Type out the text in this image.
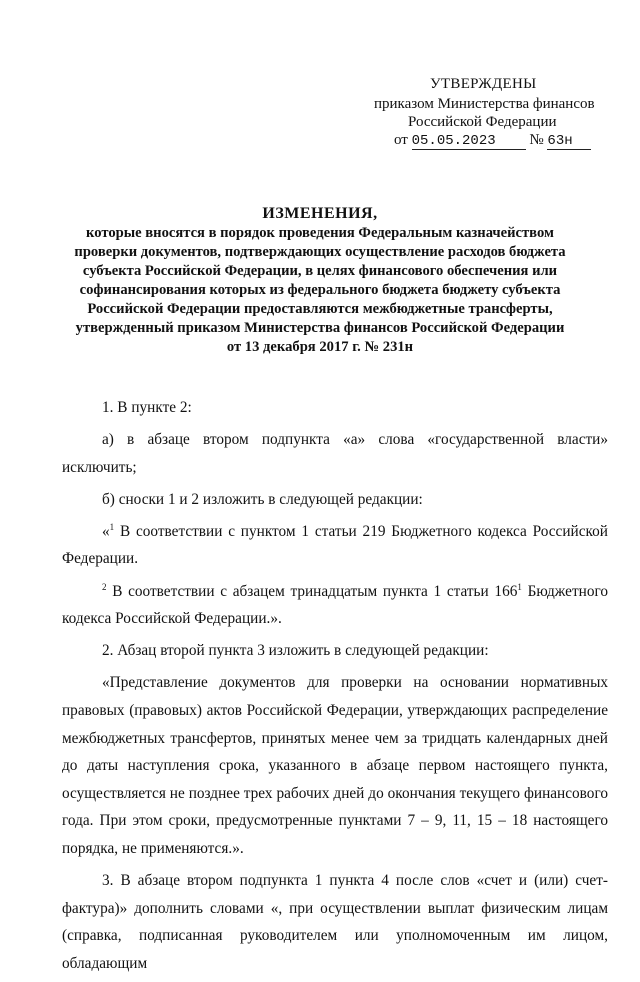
УТВЕРЖДЕНЫ
приказом Министерства финансов
Российской Федерации
от 05.05.2023 № 63н
ИЗМЕНЕНИЯ,
которые вносятся в порядок проведения Федеральным казначейством
проверки документов, подтверждающих осуществление расходов бюджета
субъекта Российской Федерации, в целях финансового обеспечения или
софинансирования которых из федерального бюджета бюджету субъекта
Российской Федерации предоставляются межбюджетные трансферты,
утвержденный приказом Министерства финансов Российской Федерации
от 13 декабря 2017 г. № 231н

1. В пункте 2:

а) в абзаце втором подпункта «а» слова «государственной власти» исключить;

б) сноски 1 и 2 изложить в следующей редакции:

«$^1$ В соответствии с пунктом 1 статьи 219 Бюджетного кодекса Российской Федерации.

$^2$ В соответствии с абзацем тринадцатым пункта 1 статьи $166^1$ Бюджетного кодекса Российской Федерации.».

2. Абзац второй пункта 3 изложить в следующей редакции:

«Представление документов для проверки на основании нормативных правовых (правовых) актов Российской Федерации, утверждающих распределение межбюджетных трансфертов, принятых менее чем за тридцать календарных дней до даты наступления срока, указанного в абзаце первом настоящего пункта, осуществляется не позднее трех рабочих дней до окончания текущего финансового года. При этом сроки, предусмотренные пунктами 7 – 9, 11, 15 – 18 настоящего порядка, не применяются.».

3. В абзаце втором подпункта 1 пункта 4 после слов «счет и (или) счет-фактура)» дополнить словами «, при осуществлении выплат физическим лицам (справка, подписанная руководителем или уполномоченным им лицом, обладающим
